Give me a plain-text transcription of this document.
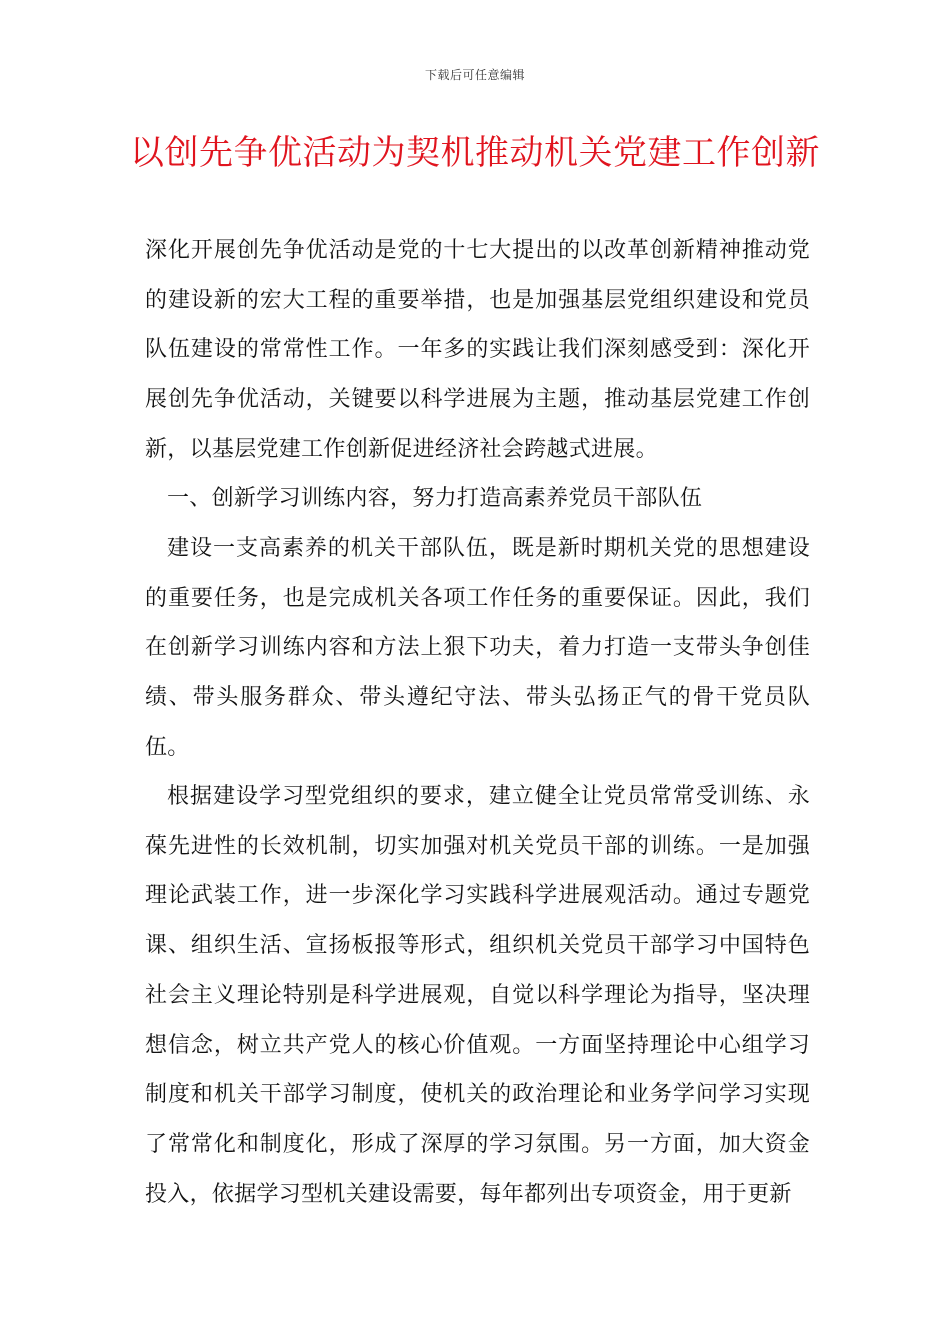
下载后可任意编辑
以创先争优活动为契机推动机关党建工作创新
深化开展创先争优活动是党的十七大提出的以改革创新精神推动党的建设新的宏大工程的重要举措，也是加强基层党组织建设和党员队伍建设的常常性工作。一年多的实践让我们深刻感受到：深化开展创先争优活动，关键要以科学进展为主题，推动基层党建工作创新，以基层党建工作创新促进经济社会跨越式进展。
一、创新学习训练内容，努力打造高素养党员干部队伍
建设一支高素养的机关干部队伍，既是新时期机关党的思想建设的重要任务，也是完成机关各项工作任务的重要保证。因此，我们在创新学习训练内容和方法上狠下功夫，着力打造一支带头争创佳绩、带头服务群众、带头遵纪守法、带头弘扬正气的骨干党员队伍。
根据建设学习型党组织的要求，建立健全让党员常常受训练、永葆先进性的长效机制，切实加强对机关党员干部的训练。一是加强理论武装工作，进一步深化学习实践科学进展观活动。通过专题党课、组织生活、宣扬板报等形式，组织机关党员干部学习中国特色社会主义理论特别是科学进展观，自觉以科学理论为指导，坚决理想信念，树立共产党人的核心价值观。一方面坚持理论中心组学习制度和机关干部学习制度，使机关的政治理论和业务学问学习实现了常常化和制度化，形成了深厚的学习氛围。另一方面，加大资金投入，依据学习型机关建设需要，每年都列出专项资金，用于更新
